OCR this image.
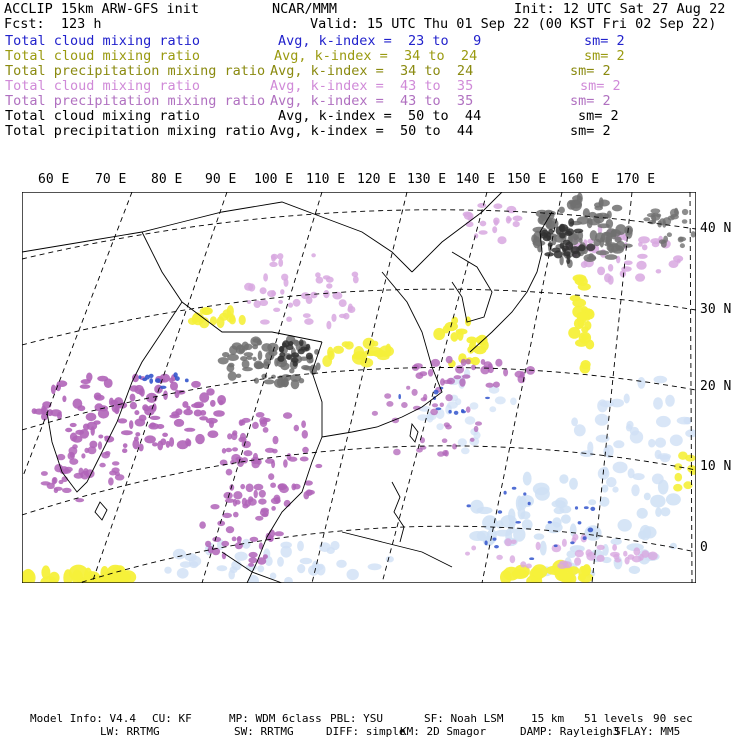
ACCLIP 15km ARW-GFS init	NCAR/MMM	Init: 12 UTC Sat 27 Aug 22
Fcst:  123 h	Valid: 15 UTC Thu 01 Sep 22 (00 KST Fri 02 Sep 22)
Total cloud mixing ratio	Avg, k-index =  23 to   9	sm= 2
Total cloud mixing ratio	Avg, k-index =  34 to  24	sm= 2
Total precipitation mixing ratio Avg, k-index =  34 to  24	sm= 2
Total cloud mixing ratio	Avg, k-index =  43 to  35	sm= 2
Total precipitation mixing ratio Avg, k-index =  43 to  35	sm= 2
Total cloud mixing ratio	Avg, k-index =  50 to  44	sm= 2
Total precipitation mixing ratio Avg, k-index =  50 to  44	sm= 2
60 E 70 E 80 E 90 E 100 E 110 E 120 E 130 E 140 E 150 E 160 E 170 E
40 N
30 N
20 N
10 N
0
Model Info: V4.4 CU: KF	MP: WDM 6class PBL: YSU	SF: Noah LSM	15 km 51 levels 90 sec
LW: RRTMG	SW: RRTMG	DIFF: simple
KM: 2D Smagor	DAMP: Rayleigh3
SFLAY: MM5
